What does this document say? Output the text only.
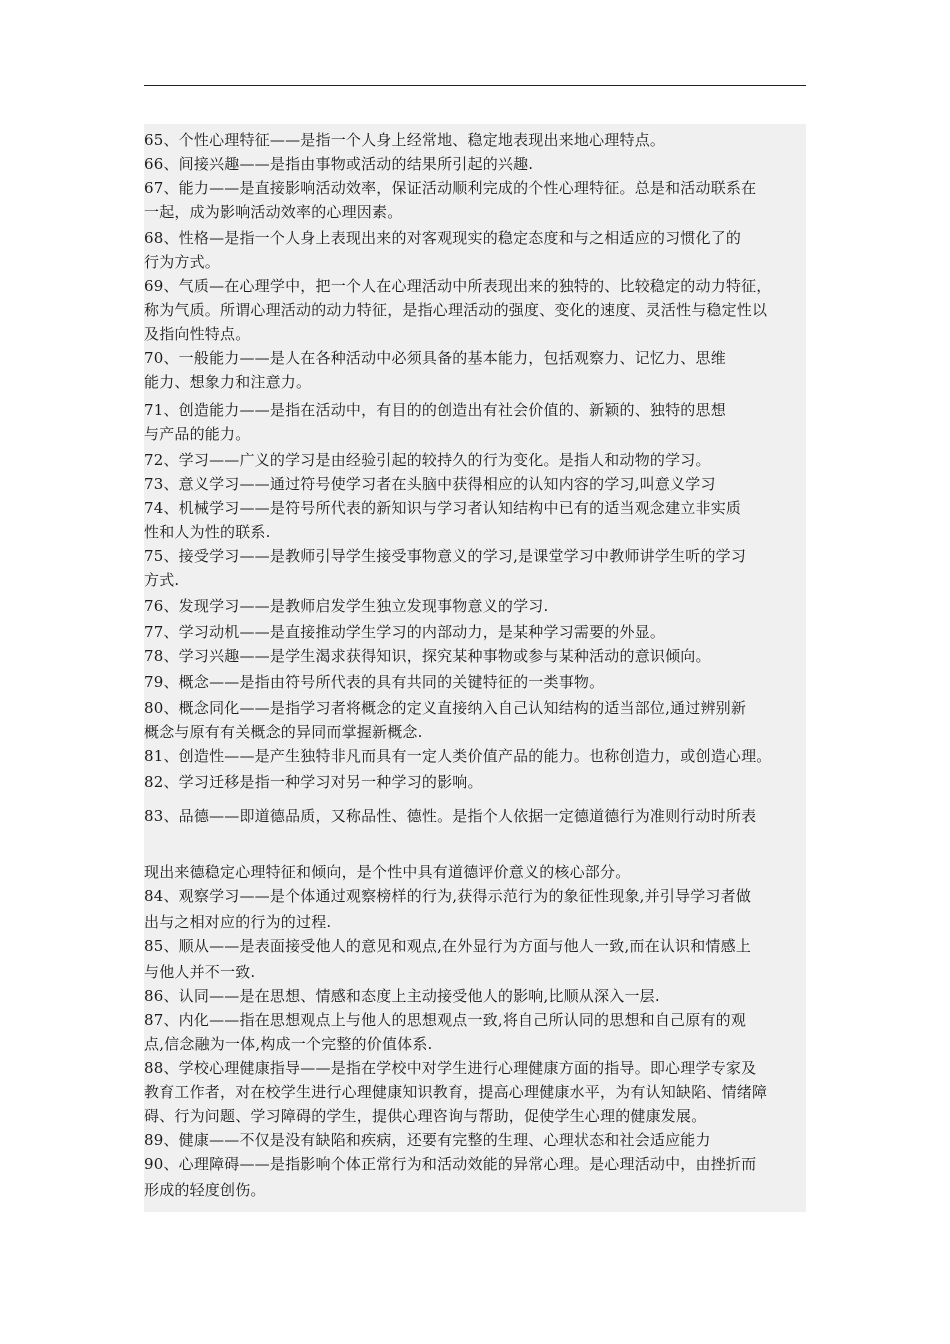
65、个性心理特征——是指一个人身上经常地、稳定地表现出来地心理特点。
66、间接兴趣——是指由事物或活动的结果所引起的兴趣.
67、能力——是直接影响活动效率，保证活动顺利完成的个性心理特征。总是和活动联系在
一起，成为影响活动效率的心理因素。
68、性格—是指一个人身上表现出来的对客观现实的稳定态度和与之相适应的习惯化了的
行为方式。
69、气质—在心理学中，把一个人在心理活动中所表现出来的独特的、比较稳定的动力特征，
称为气质。所谓心理活动的动力特征，是指心理活动的强度、变化的速度、灵活性与稳定性以
及指向性特点。
70、一般能力——是人在各种活动中必须具备的基本能力，包括观察力、记忆力、思维
能力、想象力和注意力。
71、创造能力——是指在活动中，有目的的创造出有社会价值的、新颖的、独特的思想
与产品的能力。
72、学习——广义的学习是由经验引起的较持久的行为变化。是指人和动物的学习。
73、意义学习——通过符号使学习者在头脑中获得相应的认知内容的学习,叫意义学习
74、机械学习——是符号所代表的新知识与学习者认知结构中已有的适当观念建立非实质
性和人为性的联系.
75、接受学习——是教师引导学生接受事物意义的学习,是课堂学习中教师讲学生听的学习
方式.
76、发现学习——是教师启发学生独立发现事物意义的学习.
77、学习动机——是直接推动学生学习的内部动力，是某种学习需要的外显。
78、学习兴趣——是学生渴求获得知识，探究某种事物或参与某种活动的意识倾向。
79、概念——是指由符号所代表的具有共同的关键特征的一类事物。
80、概念同化——是指学习者将概念的定义直接纳入自己认知结构的适当部位,通过辨别新
概念与原有有关概念的异同而掌握新概念.
81、创造性——是产生独特非凡而具有一定人类价值产品的能力。也称创造力，或创造心理。
82、学习迁移是指一种学习对另一种学习的影响。
83、品德——即道德品质，又称品性、德性。是指个人依据一定德道德行为准则行动时所表
现出来德稳定心理特征和倾向，是个性中具有道德评价意义的核心部分。
84、观察学习——是个体通过观察榜样的行为,获得示范行为的象征性现象,并引导学习者做
出与之相对应的行为的过程.
85、顺从——是表面接受他人的意见和观点,在外显行为方面与他人一致,而在认识和情感上
与他人并不一致.
86、认同——是在思想、情感和态度上主动接受他人的影响,比顺从深入一层.
87、内化——指在思想观点上与他人的思想观点一致,将自己所认同的思想和自己原有的观
点,信念融为一体,构成一个完整的价值体系.
88、学校心理健康指导——是指在学校中对学生进行心理健康方面的指导。即心理学专家及
教育工作者，对在校学生进行心理健康知识教育，提高心理健康水平，为有认知缺陷、情绪障
碍、行为问题、学习障碍的学生，提供心理咨询与帮助，促使学生心理的健康发展。
89、健康——不仅是没有缺陷和疾病，还要有完整的生理、心理状态和社会适应能力
90、心理障碍——是指影响个体正常行为和活动效能的异常心理。是心理活动中，由挫折而
形成的轻度创伤。
